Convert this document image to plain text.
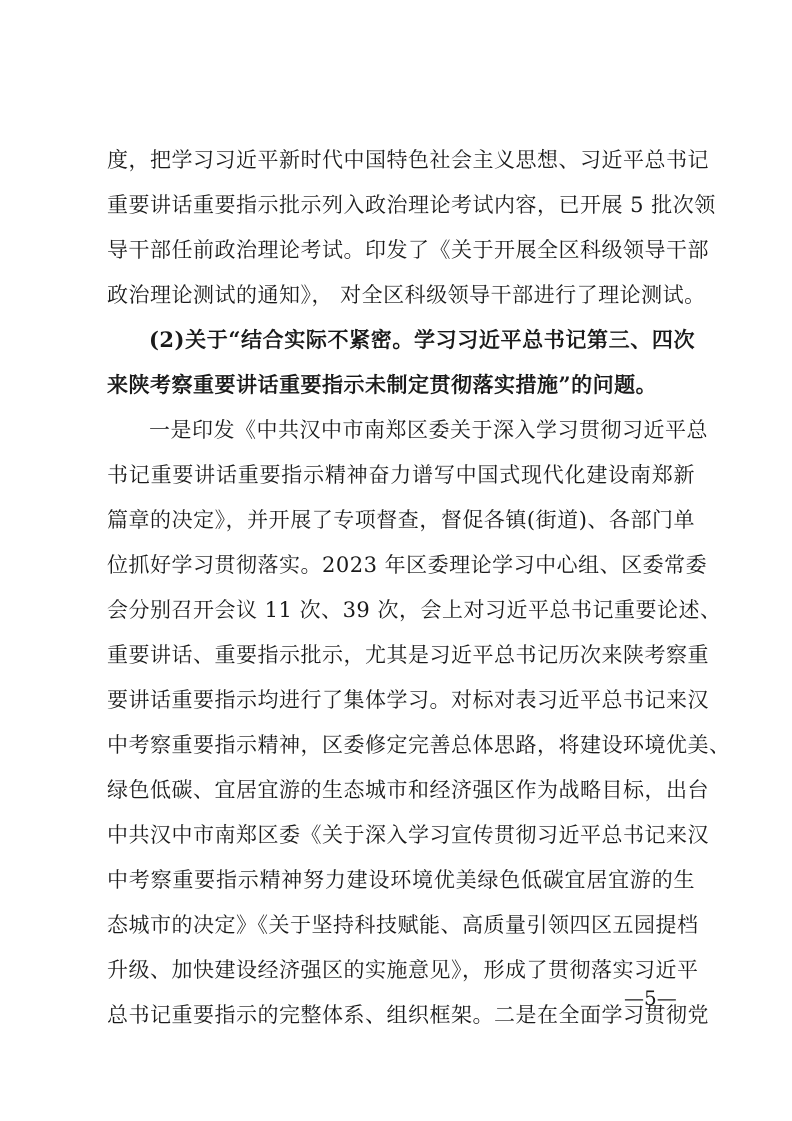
度，把学习习近平新时代中国特色社会主义思想、习近平总书记
重要讲话重要指示批示列入政治理论考试内容，已开展 5 批次领
导干部任前政治理论考试。印发了《关于开展全区科级领导干部
政治理论测试的通知》， 对全区科级领导干部进行了理论测试。
(2)关于“结合实际不紧密。学习习近平总书记第三、四次
来陕考察重要讲话重要指示未制定贯彻落实措施”的问题。
一是印发《中共汉中市南郑区委关于深入学习贯彻习近平总
书记重要讲话重要指示精神奋力谱写中国式现代化建设南郑新
篇章的决定》，并开展了专项督查，督促各镇(街道)、各部门单
位抓好学习贯彻落实。2023 年区委理论学习中心组、区委常委
会分别召开会议 11 次、39 次，会上对习近平总书记重要论述、
重要讲话、重要指示批示，尤其是习近平总书记历次来陕考察重
要讲话重要指示均进行了集体学习。对标对表习近平总书记来汉
中考察重要指示精神，区委修定完善总体思路，将建设环境优美、
绿色低碳、宜居宜游的生态城市和经济强区作为战略目标，出台
中共汉中市南郑区委《关于深入学习宣传贯彻习近平总书记来汉
中考察重要指示精神努力建设环境优美绿色低碳宜居宜游的生
态城市的决定》《关于坚持科技赋能、高质量引领四区五园提档
升级、加快建设经济强区的实施意见》，形成了贯彻落实习近平
总书记重要指示的完整体系、组织框架。二是在全面学习贯彻党
—5—
